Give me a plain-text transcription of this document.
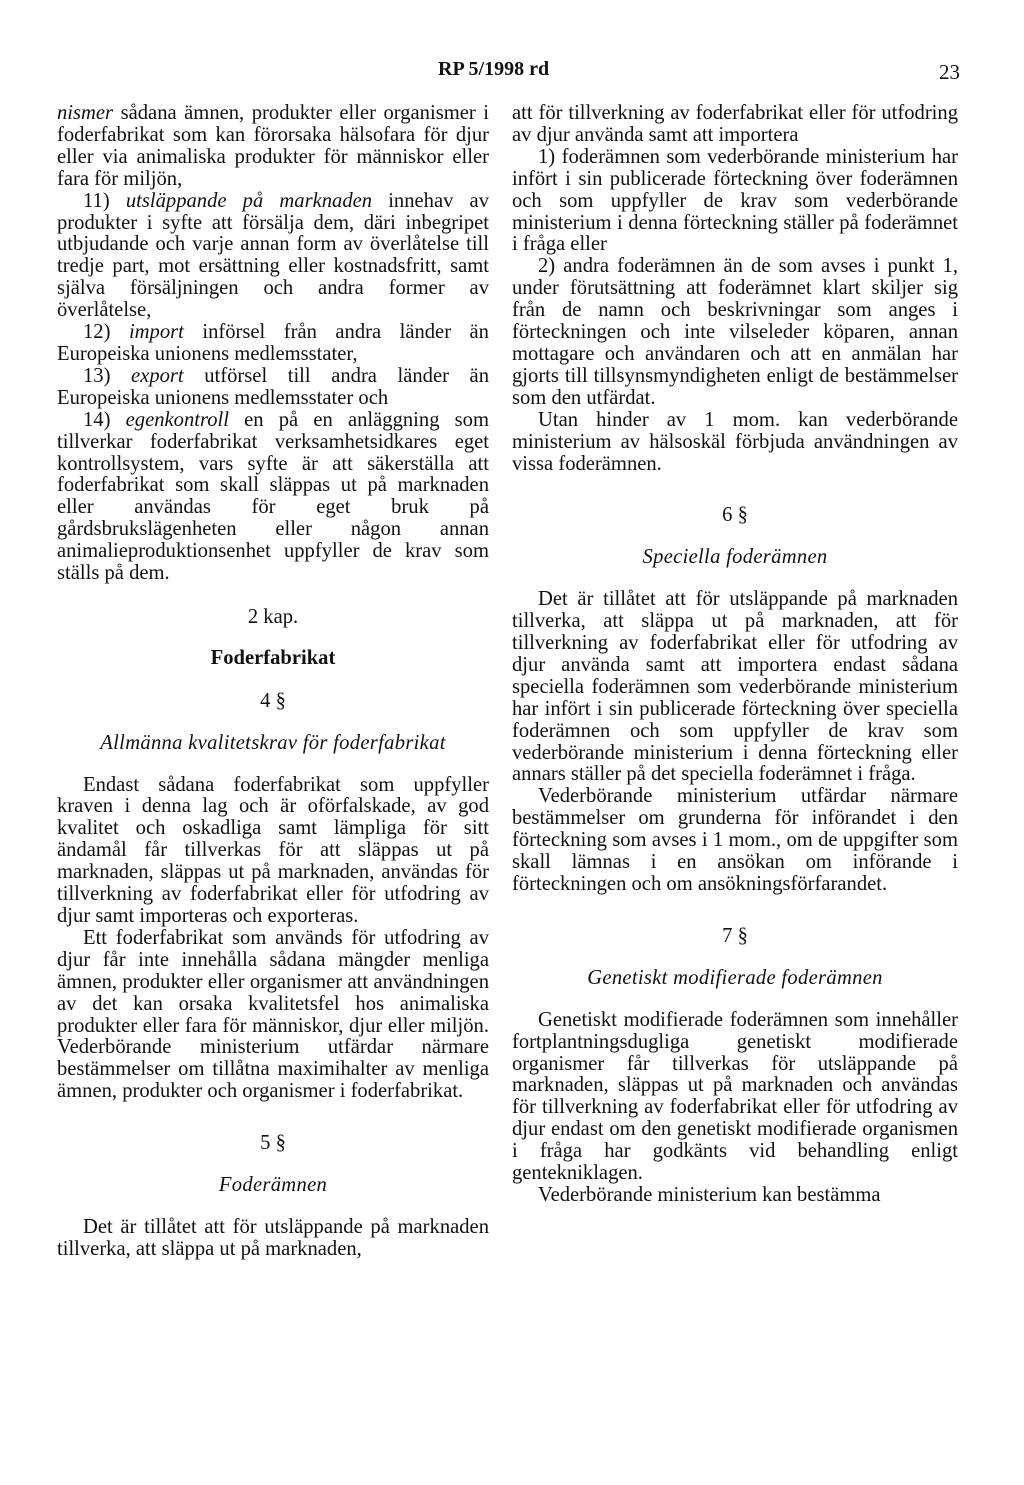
RP 5/1998 rd	23

nismer sådana ämnen, produkter eller organismer i foderfabrikat som kan förorsaka hälsofara för djur eller via animaliska produkter för människor eller fara för miljön,

11) utsläppande på marknaden innehav av produkter i syfte att försälja dem, däri inbegripet utbjudande och varje annan form av överlåtelse till tredje part, mot ersättning eller kostnadsfritt, samt själva försäljningen och andra former av överlåtelse,

12) import införsel från andra länder än Europeiska unionens medlemsstater,

13) export utförsel till andra länder än Europeiska unionens medlemsstater och

14) egenkontroll en på en anläggning som tillverkar foderfabrikat verksamhetsidkares eget kontrollsystem, vars syfte är att säkerställa att foderfabrikat som skall släppas ut på marknaden eller användas för eget bruk på gårdsbrukslägenheten eller någon annan animalieproduktionsenhet uppfyller de krav som ställs på dem.

2 kap.
Foderfabrikat
4 §
Allmänna kvalitetskrav för foderfabrikat

Endast sådana foderfabrikat som uppfyller kraven i denna lag och är oförfalskade, av god kvalitet och oskadliga samt lämpliga för sitt ändamål får tillverkas för att släppas ut på marknaden, släppas ut på marknaden, användas för tillverkning av foderfabrikat eller för utfodring av djur samt importeras och exporteras.

Ett foderfabrikat som används för utfodring av djur får inte innehålla sådana mängder menliga ämnen, produkter eller organismer att användningen av det kan orsaka kvalitetsfel hos animaliska produkter eller fara för människor, djur eller miljön. Vederbörande ministerium utfärdar närmare bestämmelser om tillåtna maximihalter av menliga ämnen, produkter och organismer i foderfabrikat.

5 §
Foderämnen

Det är tillåtet att för utsläppande på marknaden tillverka, att släppa ut på marknaden,

att för tillverkning av foderfabrikat eller för utfodring av djur använda samt att importera

1) foderämnen som vederbörande ministerium har infört i sin publicerade förteckning över foderämnen och som uppfyller de krav som vederbörande ministerium i denna förteckning ställer på foderämnet i fråga eller

2) andra foderämnen än de som avses i punkt 1, under förutsättning att foderämnet klart skiljer sig från de namn och beskrivningar som anges i förteckningen och inte vilseleder köparen, annan mottagare och användaren och att en anmälan har gjorts till tillsynsmyndigheten enligt de bestämmelser som den utfärdat.

Utan hinder av 1 mom. kan vederbörande ministerium av hälsoskäl förbjuda användningen av vissa foderämnen.

6 §
Speciella foderämnen

Det är tillåtet att för utsläppande på marknaden tillverka, att släppa ut på marknaden, att för tillverkning av foderfabrikat eller för utfodring av djur använda samt att importera endast sådana speciella foderämnen som vederbörande ministerium har infört i sin publicerade förteckning över speciella foderämnen och som uppfyller de krav som vederbörande ministerium i denna förteckning eller annars ställer på det speciella foderämnet i fråga.

Vederbörande ministerium utfärdar närmare bestämmelser om grunderna för införandet i den förteckning som avses i 1 mom., om de uppgifter som skall lämnas i en ansökan om införande i förteckningen och om ansökningsförfarandet.

7 §
Genetiskt modifierade foderämnen

Genetiskt modifierade foderämnen som innehåller fortplantningsdugliga genetiskt modifierade organismer får tillverkas för utsläppande på marknaden, släppas ut på marknaden och användas för tillverkning av foderfabrikat eller för utfodring av djur endast om den genetiskt modifierade organismen i fråga har godkänts vid behandling enligt gentekniklagen.

Vederbörande ministerium kan bestämma
